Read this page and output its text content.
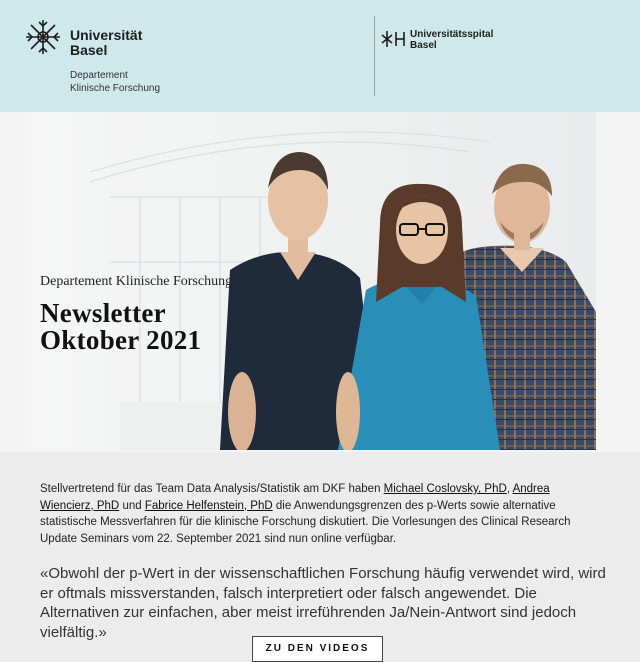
Universität
Basel
Departement
Klinische Forschung
Universitätsspital
Basel
Departement Klinische Forschung
Newsletter
Oktober 2021

Stellvertretend für das Team Data Analysis/Statistik am DKF haben Michael Coslovsky, PhD, Andrea Wiencierz, PhD und Fabrice Helfenstein, PhD die Anwendungsgrenzen des p-Werts sowie alternative statistische Messverfahren für die klinische Forschung diskutiert. Die Vorlesungen des Clinical Research Update Seminars vom 22. September 2021 sind nun online verfügbar.

«Obwohl der p-Wert in der wissenschaftlichen Forschung häufig verwendet wird, wird er oftmals missverstanden, falsch interpretiert oder falsch angewendet. Die Alternativen zur einfachen, aber meist irreführenden Ja/Nein-Antwort sind jedoch vielfältig.»

ZU DEN VIDEOS
